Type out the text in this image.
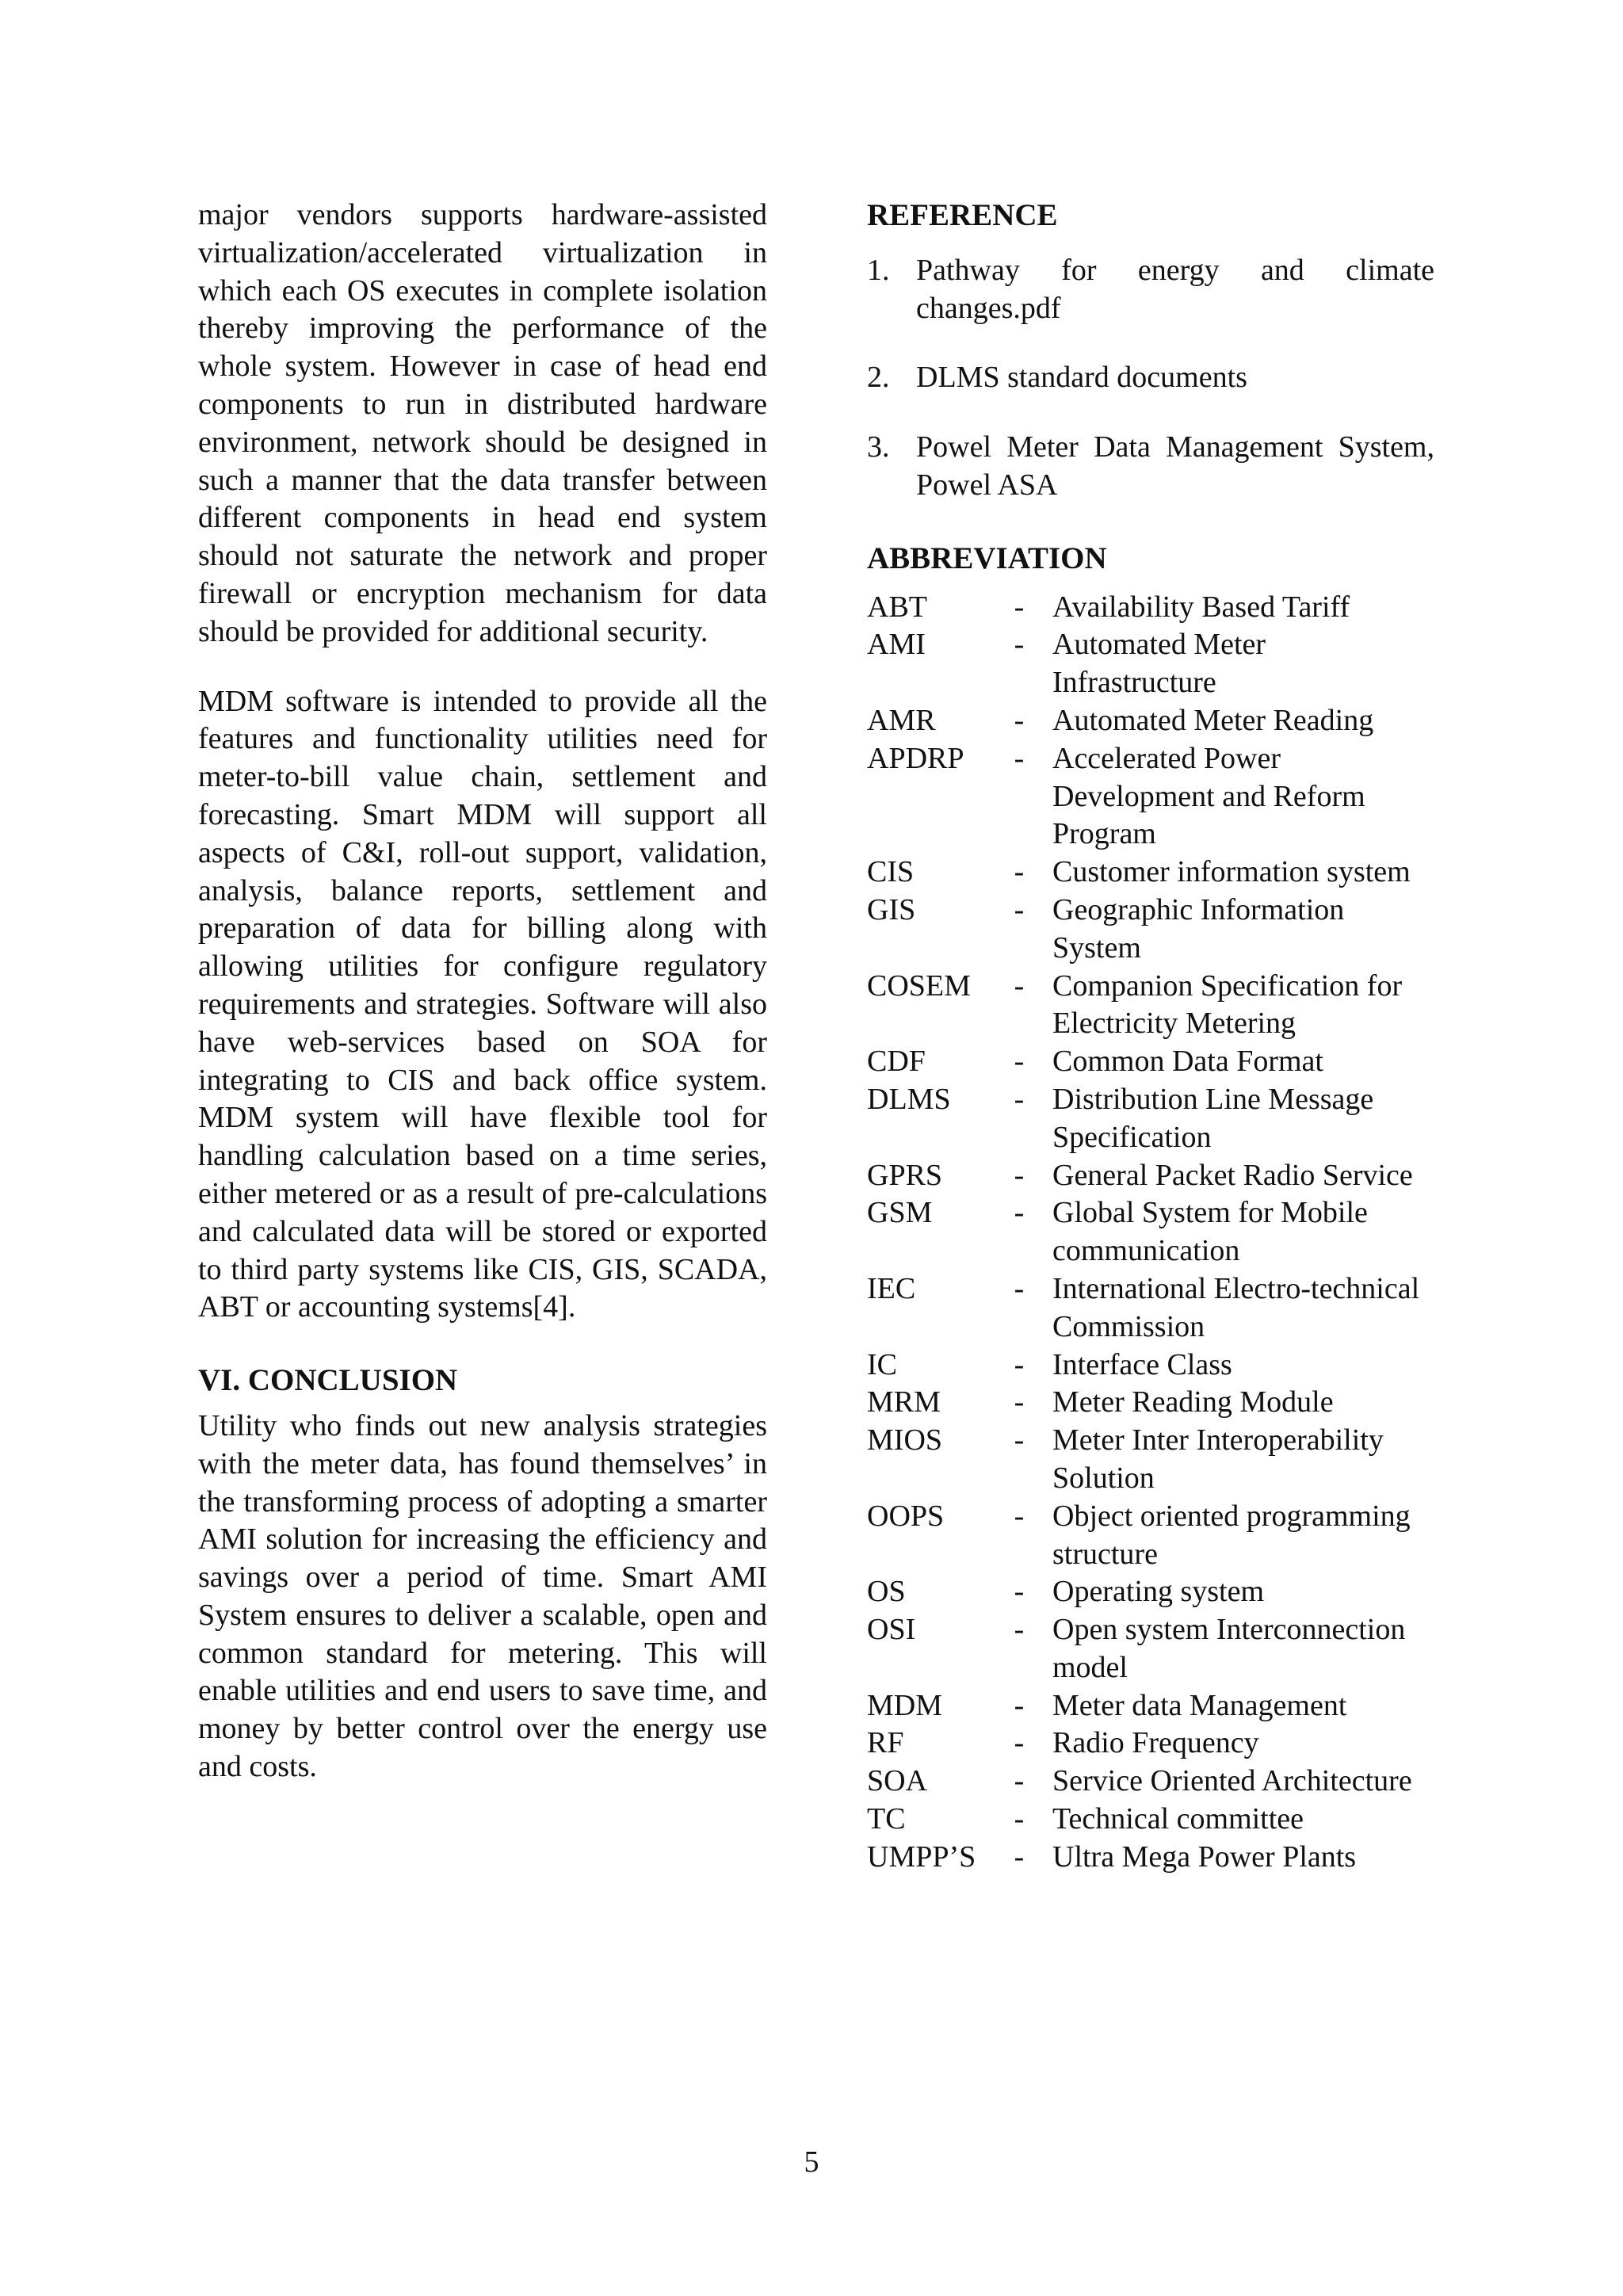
major vendors supports hardware-assisted virtualization/accelerated virtualization in which each OS executes in complete isolation thereby improving the performance of the whole system. However in case of head end components to run in distributed hardware environment, network should be designed in such a manner that the data transfer between different components in head end system should not saturate the network and proper firewall or encryption mechanism for data should be provided for additional security.

MDM software is intended to provide all the features and functionality utilities need for meter-to-bill value chain, settlement and forecasting. Smart MDM will support all aspects of C&I, roll-out support, validation, analysis, balance reports, settlement and preparation of data for billing along with allowing utilities for configure regulatory requirements and strategies. Software will also have web-services based on SOA for integrating to CIS and back office system. MDM system will have flexible tool for handling calculation based on a time series, either metered or as a result of pre-calculations and calculated data will be stored or exported to third party systems like CIS, GIS, SCADA, ABT or accounting systems[4].

VI. CONCLUSION

Utility who finds out new analysis strategies with the meter data, has found themselves’ in the transforming process of adopting a smarter AMI solution for increasing the efficiency and savings over a period of time. Smart AMI System ensures to deliver a scalable, open and common standard for metering. This will enable utilities and end users to save time, and money by better control over the energy use and costs.

REFERENCE
1. Pathway for energy and climate changes.pdf
2. DLMS standard documents
3. Powel Meter Data Management System, Powel ASA
ABBREVIATION
ABT	- Availability Based Tariff
AMI	- Automated Meter Infrastructure
AMR	- Automated Meter Reading
APDRP	- Accelerated Power Development and Reform Program
CIS	- Customer information system
GIS	- Geographic Information System
COSEM	- Companion Specification for Electricity Metering
CDF	- Common Data Format
DLMS	- Distribution Line Message Specification
GPRS	- General Packet Radio Service
GSM	- Global System for Mobile communication
IEC	- International Electro-technical Commission
IC	- Interface Class
MRM	- Meter Reading Module
MIOS	- Meter Inter Interoperability Solution
OOPS	- Object oriented programming structure
OS	- Operating system
OSI	- Open system Interconnection model
MDM	- Meter data Management
RF	- Radio Frequency
SOA	- Service Oriented Architecture
TC	- Technical committee
UMPP’S	- Ultra Mega Power Plants
5
